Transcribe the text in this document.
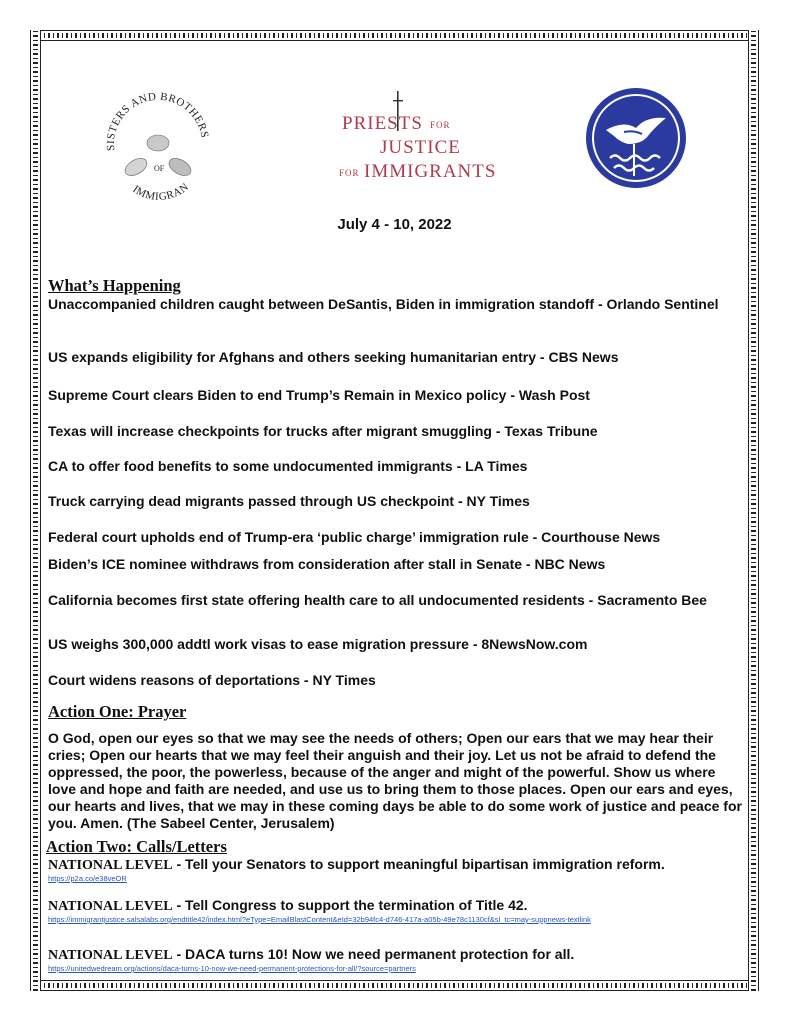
SISTERS AND BROTHERS
IMMIGRAN
OF
PRIESTS FOR
JUSTICE
FOR IMMIGRANTS
July 4 - 10, 2022
What’s Happening
Unaccompanied children caught between DeSantis, Biden in immigration standoff - Orlando Sentinel
US expands eligibility for Afghans and others seeking humanitarian entry - CBS News
Supreme Court clears Biden to end Trump’s Remain in Mexico policy - Wash Post
Texas will increase checkpoints for trucks after migrant smuggling - Texas Tribune
CA to offer food benefits to some undocumented immigrants - LA Times
Truck carrying dead migrants passed through US checkpoint - NY Times
Federal court upholds end of Trump-era ‘public charge’ immigration rule - Courthouse News
Biden’s ICE nominee withdraws from consideration after stall in Senate - NBC News
California becomes first state offering health care to all undocumented residents - Sacramento Bee
US weighs 300,000 addtl work visas to ease migration pressure - 8NewsNow.com
Court widens reasons of deportations - NY Times
Action One: Prayer
O God, open our eyes so that we may see the needs of others; Open our ears that we may hear their cries; Open our hearts that we may feel their anguish and their joy. Let us not be afraid to defend the oppressed, the poor, the powerless, because of the anger and might of the powerful. Show us where love and hope and faith are needed, and use us to bring them to those places. Open our ears and eyes, our hearts and lives, that we may in these coming days be able to do some work of justice and peace for you. Amen. (The Sabeel Center, Jerusalem)
Action Two: Calls/Letters
NATIONAL LEVEL - Tell your Senators to support meaningful bipartisan immigration reform.
https://p2a.co/e38veOR
NATIONAL LEVEL - Tell Congress to support the termination of Title 42.
https://immigrantjustice.salsalabs.org/endtitle42/index.html?eType=EmailBlastContent&eId=32b94fc4-d746-417a-a05b-49e78c1130cf&sl_tc=may-suppnews-textlink
NATIONAL LEVEL - DACA turns 10! Now we need permanent protection for all.
https://unitedwedream.org/actions/daca-turns-10-now-we-need-permanent-protections-for-all/?source=partners
